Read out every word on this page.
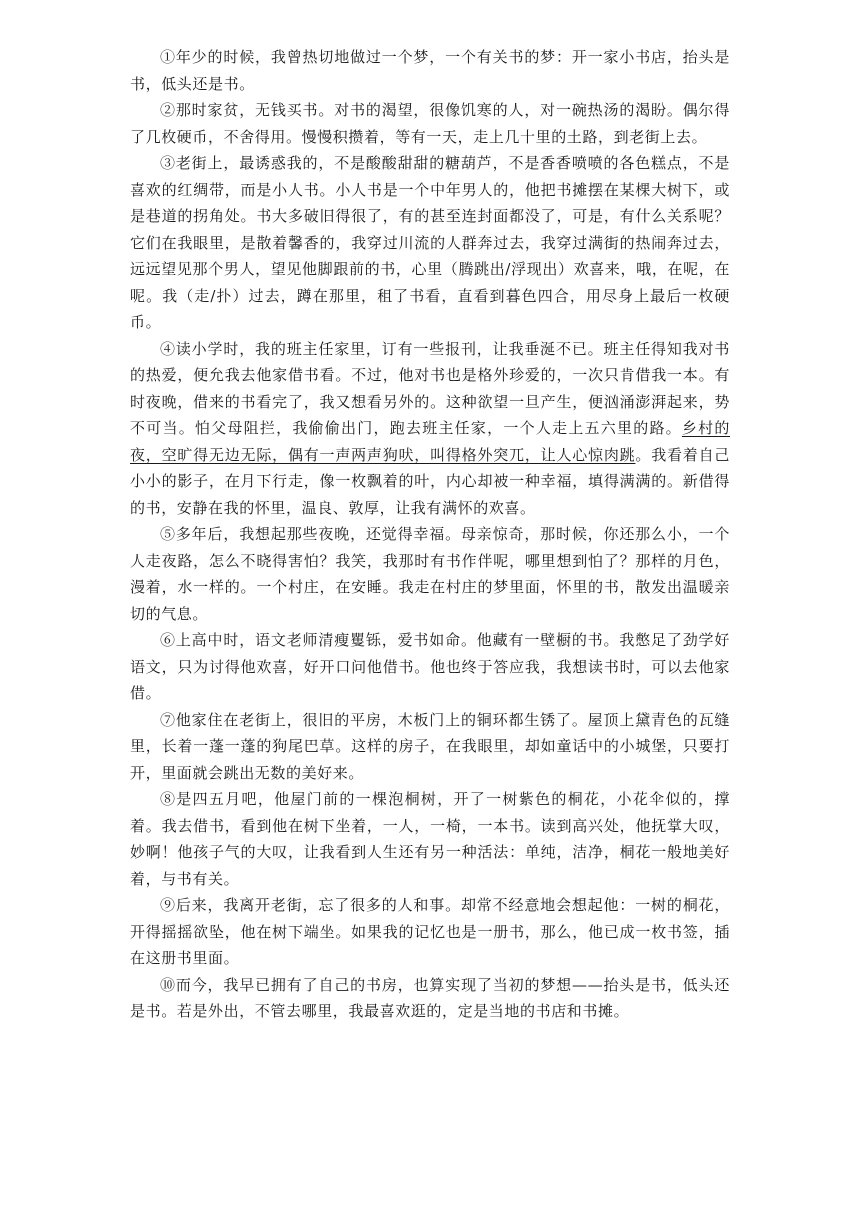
①年少的时候，我曾热切地做过一个梦，一个有关书的梦：开一家小书店，抬头是书，低头还是书。

②那时家贫，无钱买书。对书的渴望，很像饥寒的人，对一碗热汤的渴盼。偶尔得了几枚硬币，不舍得用。慢慢积攒着，等有一天，走上几十里的土路，到老街上去。

③老街上，最诱惑我的，不是酸酸甜甜的糖葫芦，不是香香喷喷的各色糕点，不是喜欢的红绸带，而是小人书。小人书是一个中年男人的，他把书摊摆在某棵大树下，或是巷道的拐角处。书大多破旧得很了，有的甚至连封面都没了，可是，有什么关系呢？它们在我眼里，是散着馨香的，我穿过川流的人群奔过去，我穿过满街的热闹奔过去，远远望见那个男人，望见他脚跟前的书，心里（腾跳出/浮现出）欢喜来，哦，在呢，在呢。我（走/扑）过去，蹲在那里，租了书看，直看到暮色四合，用尽身上最后一枚硬币。

④读小学时，我的班主任家里，订有一些报刊，让我垂涎不已。班主任得知我对书的热爱，便允我去他家借书看。不过，他对书也是格外珍爱的，一次只肯借我一本。有时夜晚，借来的书看完了，我又想看另外的。这种欲望一旦产生，便汹涌澎湃起来，势不可当。怕父母阻拦，我偷偷出门，跑去班主任家，一个人走上五六里的路。乡村的夜，空旷得无边无际，偶有一声两声狗吠，叫得格外突兀，让人心惊肉跳。我看着自己小小的影子，在月下行走，像一枚飘着的叶，内心却被一种幸福，填得满满的。新借得的书，安静在我的怀里，温良、敦厚，让我有满怀的欢喜。

⑤多年后，我想起那些夜晚，还觉得幸福。母亲惊奇，那时候，你还那么小，一个人走夜路，怎么不晓得害怕？我笑，我那时有书作伴呢，哪里想到怕了？那样的月色，漫着，水一样的。一个村庄，在安睡。我走在村庄的梦里面，怀里的书，散发出温暖亲切的气息。

⑥上高中时，语文老师清瘦矍铄，爱书如命。他藏有一壁橱的书。我憋足了劲学好语文，只为讨得他欢喜，好开口问他借书。他也终于答应我，我想读书时，可以去他家借。

⑦他家住在老街上，很旧的平房，木板门上的铜环都生锈了。屋顶上黛青色的瓦缝里，长着一蓬一蓬的狗尾巴草。这样的房子，在我眼里，却如童话中的小城堡，只要打开，里面就会跳出无数的美好来。

⑧是四五月吧，他屋门前的一棵泡桐树，开了一树紫色的桐花，小花伞似的，撑着。我去借书，看到他在树下坐着，一人，一椅，一本书。读到高兴处，他抚掌大叹，妙啊！他孩子气的大叹，让我看到人生还有另一种活法：单纯，洁净，桐花一般地美好着，与书有关。

⑨后来，我离开老街，忘了很多的人和事。却常不经意地会想起他：一树的桐花，开得摇摇欲坠，他在树下端坐。如果我的记忆也是一册书，那么，他已成一枚书签，插在这册书里面。

⑩而今，我早已拥有了自己的书房，也算实现了当初的梦想——抬头是书，低头还是书。若是外出，不管去哪里，我最喜欢逛的，定是当地的书店和书摊。
